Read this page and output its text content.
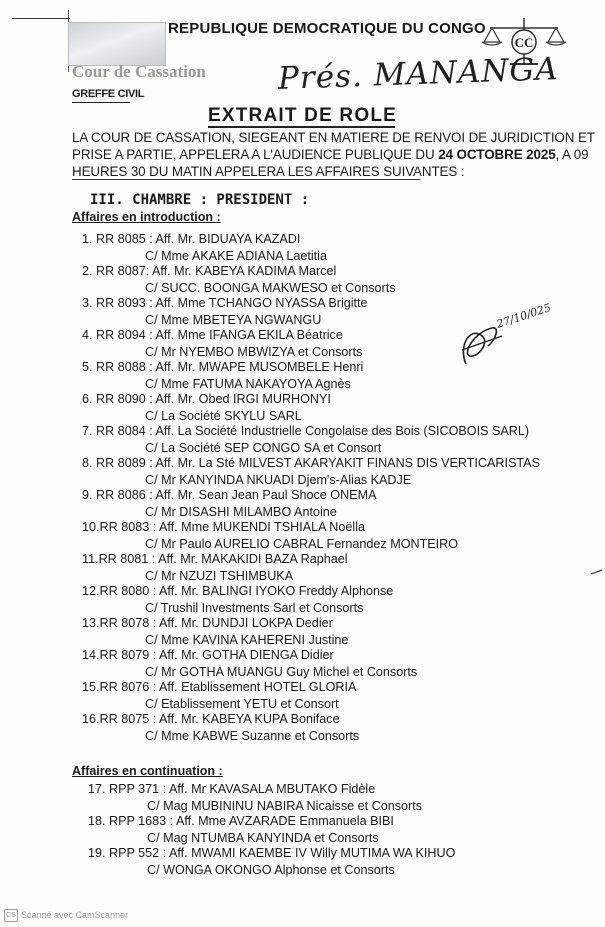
REPUBLIQUE DEMOCRATIQUE DU CONGO
CC
Cour de Cassation
GREFFE CIVIL	Prés. MANANGA
EXTRAIT DE ROLE
LA COUR DE CASSATION, SIEGEANT EN MATIERE DE RENVOI DE JURIDICTION ET
PRISE A PARTIE, APPELERA A L'AUDIENCE PUBLIQUE DU 24 OCTOBRE 2025, A 09
HEURES 30 DU MATIN APPELERA LES AFFAIRES SUIVANTES :
III. CHAMBRE : PRESIDENT :
Affaires en introduction :
1. RR 8085 : Aff. Mr. BIDUAYA KAZADI
C/ Mme AKAKE ADIANA Laetitia
2. RR 8087: Aff. Mr. KABEYA KADIMA Marcel
C/ SUCC. BOONGA MAKWESO et Consorts
3. RR 8093 : Aff. Mme TCHANGO NYASSA Brigitte
C/ Mme MBETEYA NGWANGU
4. RR 8094 : Aff. Mme IFANGA EKILA Béatrice
C/ Mr NYEMBO MBWIZYA et Consorts
5. RR 8088 : Aff. Mr. MWAPE MUSOMBELE Henri
C/ Mme FATUMA NAKAYOYA Agnès
6. RR 8090 : Aff. Mr. Obed IRGI MURHONYI
C/ La Société SKYLU SARL
7. RR 8084 : Aff. La Société Industrielle Congolaise des Bois (SICOBOIS SARL)
C/ La Société SEP CONGO SA et Consort
8. RR 8089 : Aff. Mr. La Sté MILVEST AKARYAKIT FINANS DIS VERTICARISTAS
C/ Mr KANYINDA NKUADI Djem's-Alias KADJE
9. RR 8086 : Aff. Mr. Sean Jean Paul Shoce ONEMA
C/ Mr DISASHI MILAMBO Antoine
10.RR 8083 : Aff. Mme MUKENDI TSHIALA Noëlla
C/ Mr Paulo AURELIO CABRAL Fernandez MONTEIRO
11.RR 8081 : Aff. Mr. MAKAKIDI BAZA Raphael
C/ Mr NZUZI TSHIMBUKA
12.RR 8080 : Aff. Mr. BALINGI IYOKO Freddy Alphonse
C/ Trushil Investments Sarl et Consorts
13.RR 8078 : Aff. Mr. DUNDJI LOKPA Dedier
C/ Mme KAVINA KAHERENI Justine
14.RR 8079 : Aff. Mr. GOTHA DIENGA Didier
C/ Mr GOTHA MUANGU Guy Michel et Consorts
15.RR 8076 : Aff. Etablissement HOTEL GLORIA
C/ Etablissement YETU et Consort
16.RR 8075 : Aff. Mr. KABEYA KUPA Boniface
C/ Mme KABWE Suzanne et Consorts
27/10/025
Affaires en continuation :
17. RPP 371 : Aff. Mr KAVASALA MBUTAKO Fidèle
C/ Mag MUBININU NABIRA Nicaisse et Consorts
18. RPP 1683 : Aff. Mme AVZARADE Emmanuela BIBI
C/ Mag NTUMBA KANYINDA et Consorts
19. RPP 552 : Aff. MWAMI KAEMBE IV Willy MUTIMA WA KIHUO
C/ WONGA OKONGO Alphonse et Consorts
CS Scanné avec CamScanner
